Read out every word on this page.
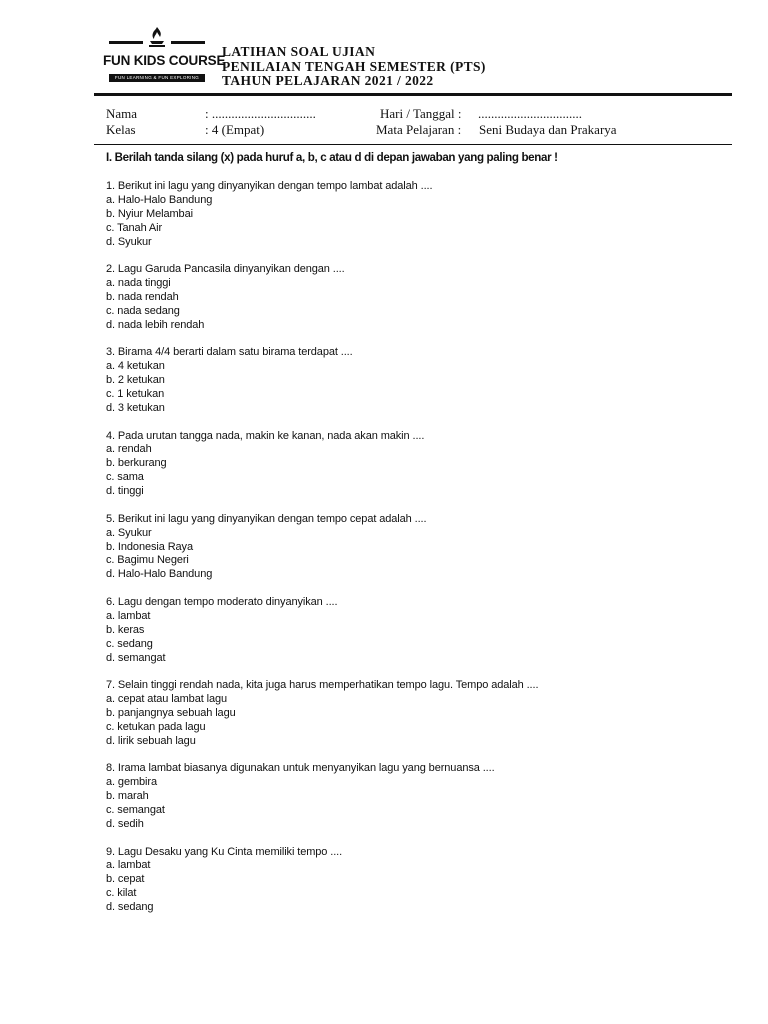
FUN KIDS COURSE
FUN LEARNING & FUN EXPLORING
LATIHAN SOAL UJIAN
PENILAIAN TENGAH SEMESTER (PTS)
TAHUN PELAJARAN 2021 / 2022
Nama	: ................................
Kelas	: 4 (Empat)
Hari / Tanggal : ................................
Mata Pelajaran : Seni Budaya dan Prakarya
I. Berilah tanda silang (x) pada huruf a, b, c atau d di depan jawaban yang paling benar !
1. Berikut ini lagu yang dinyanyikan dengan tempo lambat adalah ....
a. Halo-Halo Bandung
b. Nyiur Melambai
c. Tanah Air
d. Syukur
2. Lagu Garuda Pancasila dinyanyikan dengan ....
a. nada tinggi
b. nada rendah
c. nada sedang
d. nada lebih rendah
3. Birama 4/4 berarti dalam satu birama terdapat ....
a. 4 ketukan
b. 2 ketukan
c. 1 ketukan
d. 3 ketukan
4. Pada urutan tangga nada, makin ke kanan, nada akan makin ....
a. rendah
b. berkurang
c. sama
d. tinggi
5. Berikut ini lagu yang dinyanyikan dengan tempo cepat adalah ....
a. Syukur
b. Indonesia Raya
c. Bagimu Negeri
d. Halo-Halo Bandung
6. Lagu dengan tempo moderato dinyanyikan ....
a. lambat
b. keras
c. sedang
d. semangat
7. Selain tinggi rendah nada, kita juga harus memperhatikan tempo lagu. Tempo adalah ....
a. cepat atau lambat lagu
b. panjangnya sebuah lagu
c. ketukan pada lagu
d. lirik sebuah lagu
8. Irama lambat biasanya digunakan untuk menyanyikan lagu yang bernuansa ....
a. gembira
b. marah
c. semangat
d. sedih
9. Lagu Desaku yang Ku Cinta memiliki tempo ....
a. lambat
b. cepat
c. kilat
d. sedang
